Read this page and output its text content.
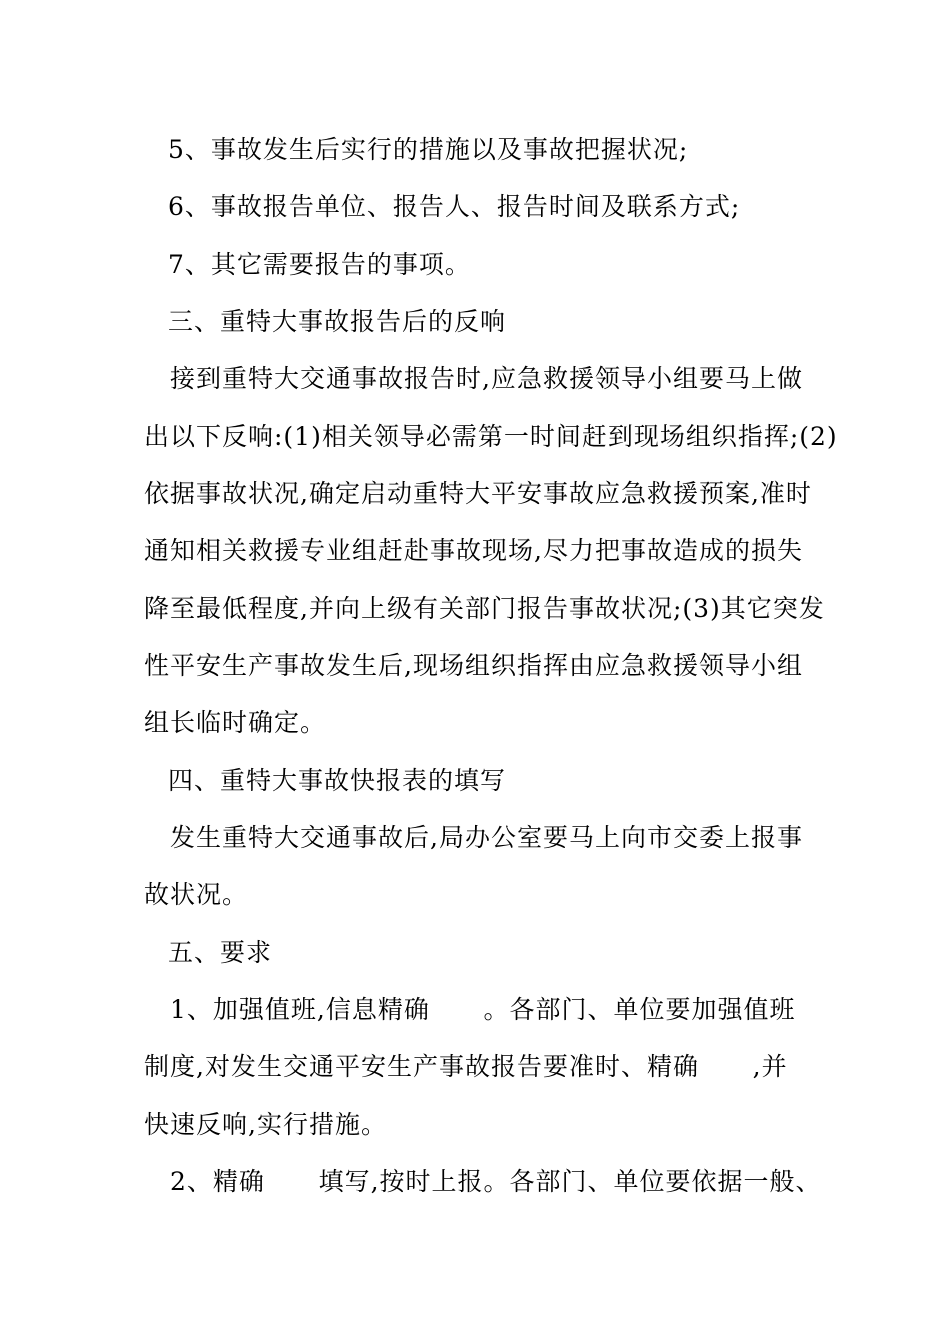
5、事故发生后实行的措施以及事故把握状况;
6、事故报告单位、报告人、报告时间及联系方式;
7、其它需要报告的事项。
三、重特大事故报告后的反响
接到重特大交通事故报告时,应急救援领导小组要马上做
出以下反响:(1)相关领导必需第一时间赶到现场组织指挥;(2)
依据事故状况,确定启动重特大平安事故应急救援预案,准时
通知相关救援专业组赶赴事故现场,尽力把事故造成的损失
降至最低程度,并向上级有关部门报告事故状况;(3)其它突发
性平安生产事故发生后,现场组织指挥由应急救援领导小组
组长临时确定。
四、重特大事故快报表的填写
发生重特大交通事故后,局办公室要马上向市交委上报事
故状况。
五、要求
1、加强值班,信息精确      。各部门、单位要加强值班
制度,对发生交通平安生产事故报告要准时、精确      ,并
快速反响,实行措施。
2、精确      填写,按时上报。各部门、单位要依据一般、
